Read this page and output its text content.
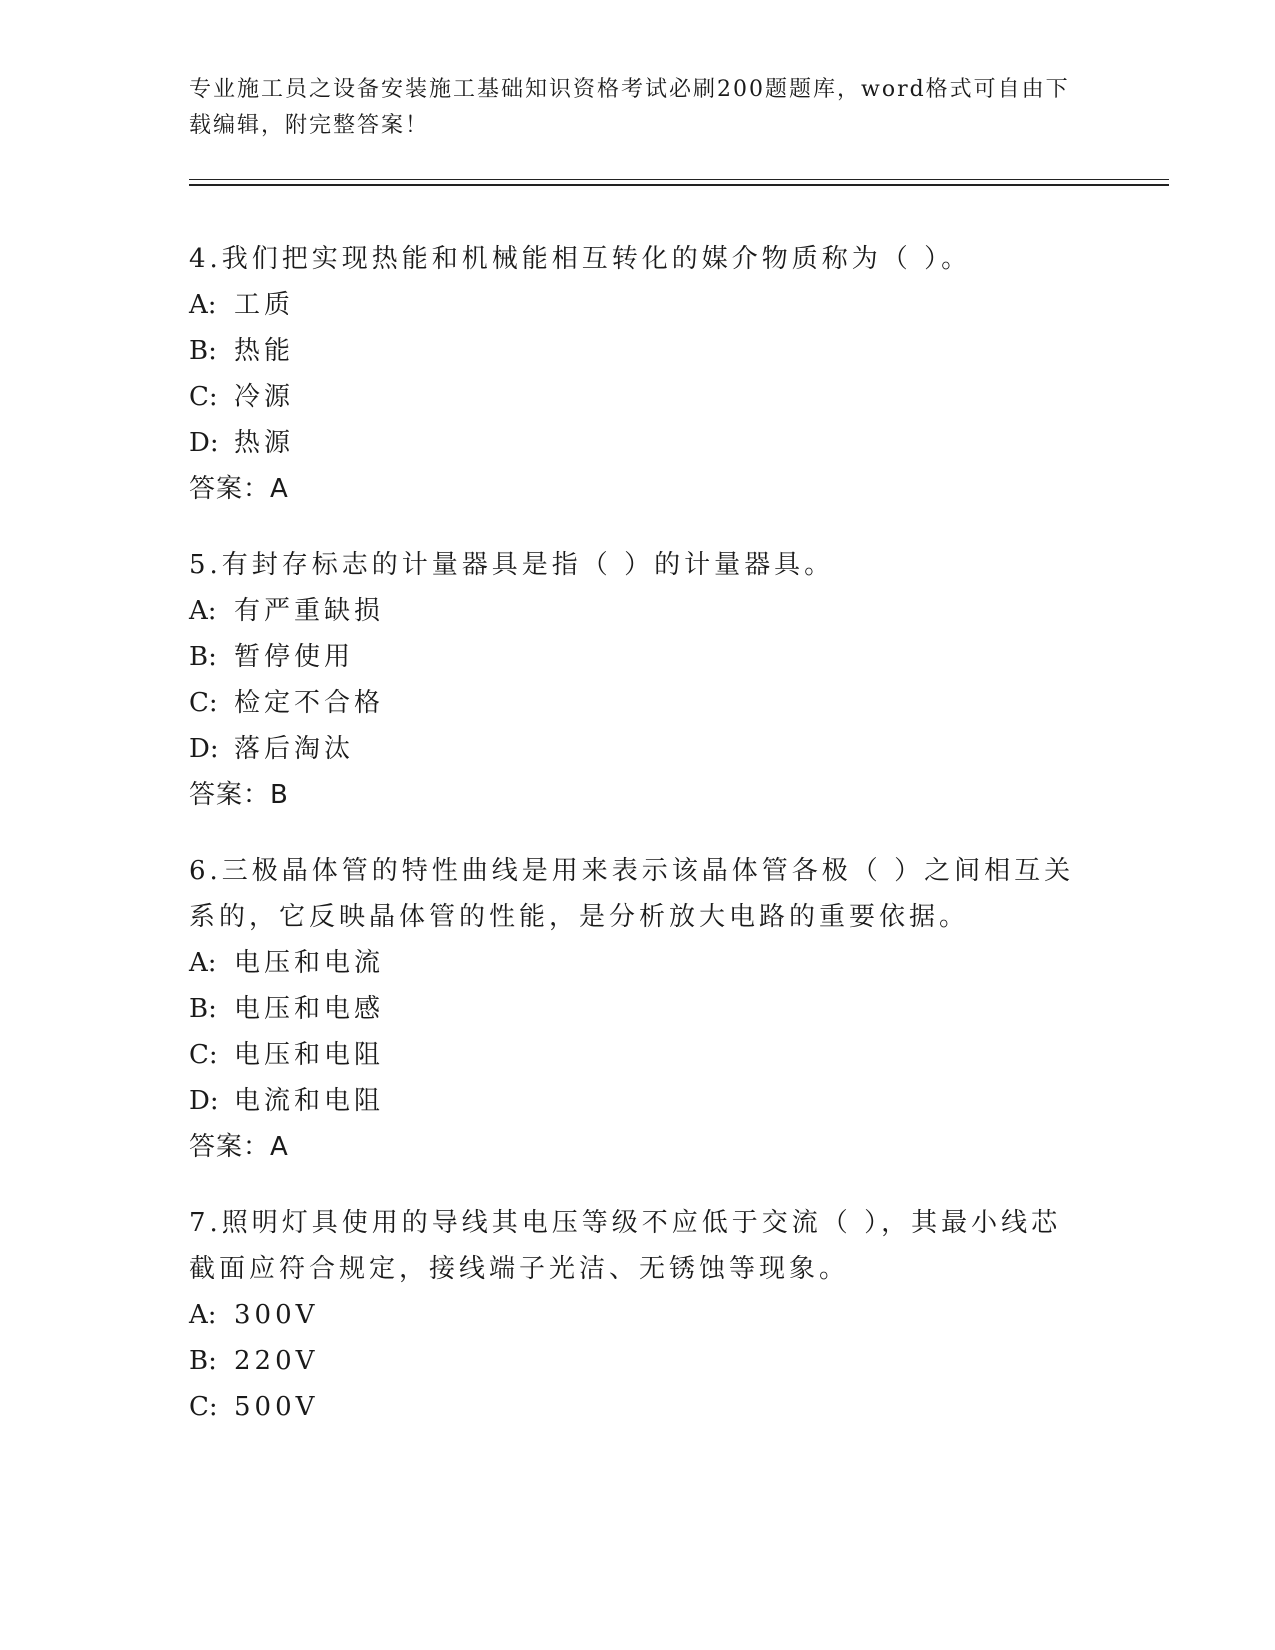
专业施工员之设备安装施工基础知识资格考试必刷200题题库，word格式可自由下载编辑，附完整答案！
4.我们把实现热能和机械能相互转化的媒介物质称为（ ）。
A: 工质
B: 热能
C: 冷源
D: 热源
答案：A
5.有封存标志的计量器具是指（ ）的计量器具。
A: 有严重缺损
B: 暂停使用
C: 检定不合格
D: 落后淘汰
答案：B
6.三极晶体管的特性曲线是用来表示该晶体管各极（ ）之间相互关系的，它反映晶体管的性能，是分析放大电路的重要依据。
A: 电压和电流
B: 电压和电感
C: 电压和电阻
D: 电流和电阻
答案：A
7.照明灯具使用的导线其电压等级不应低于交流（ ），其最小线芯截面应符合规定，接线端子光洁、无锈蚀等现象。
A: 300V
B: 220V
C: 500V
